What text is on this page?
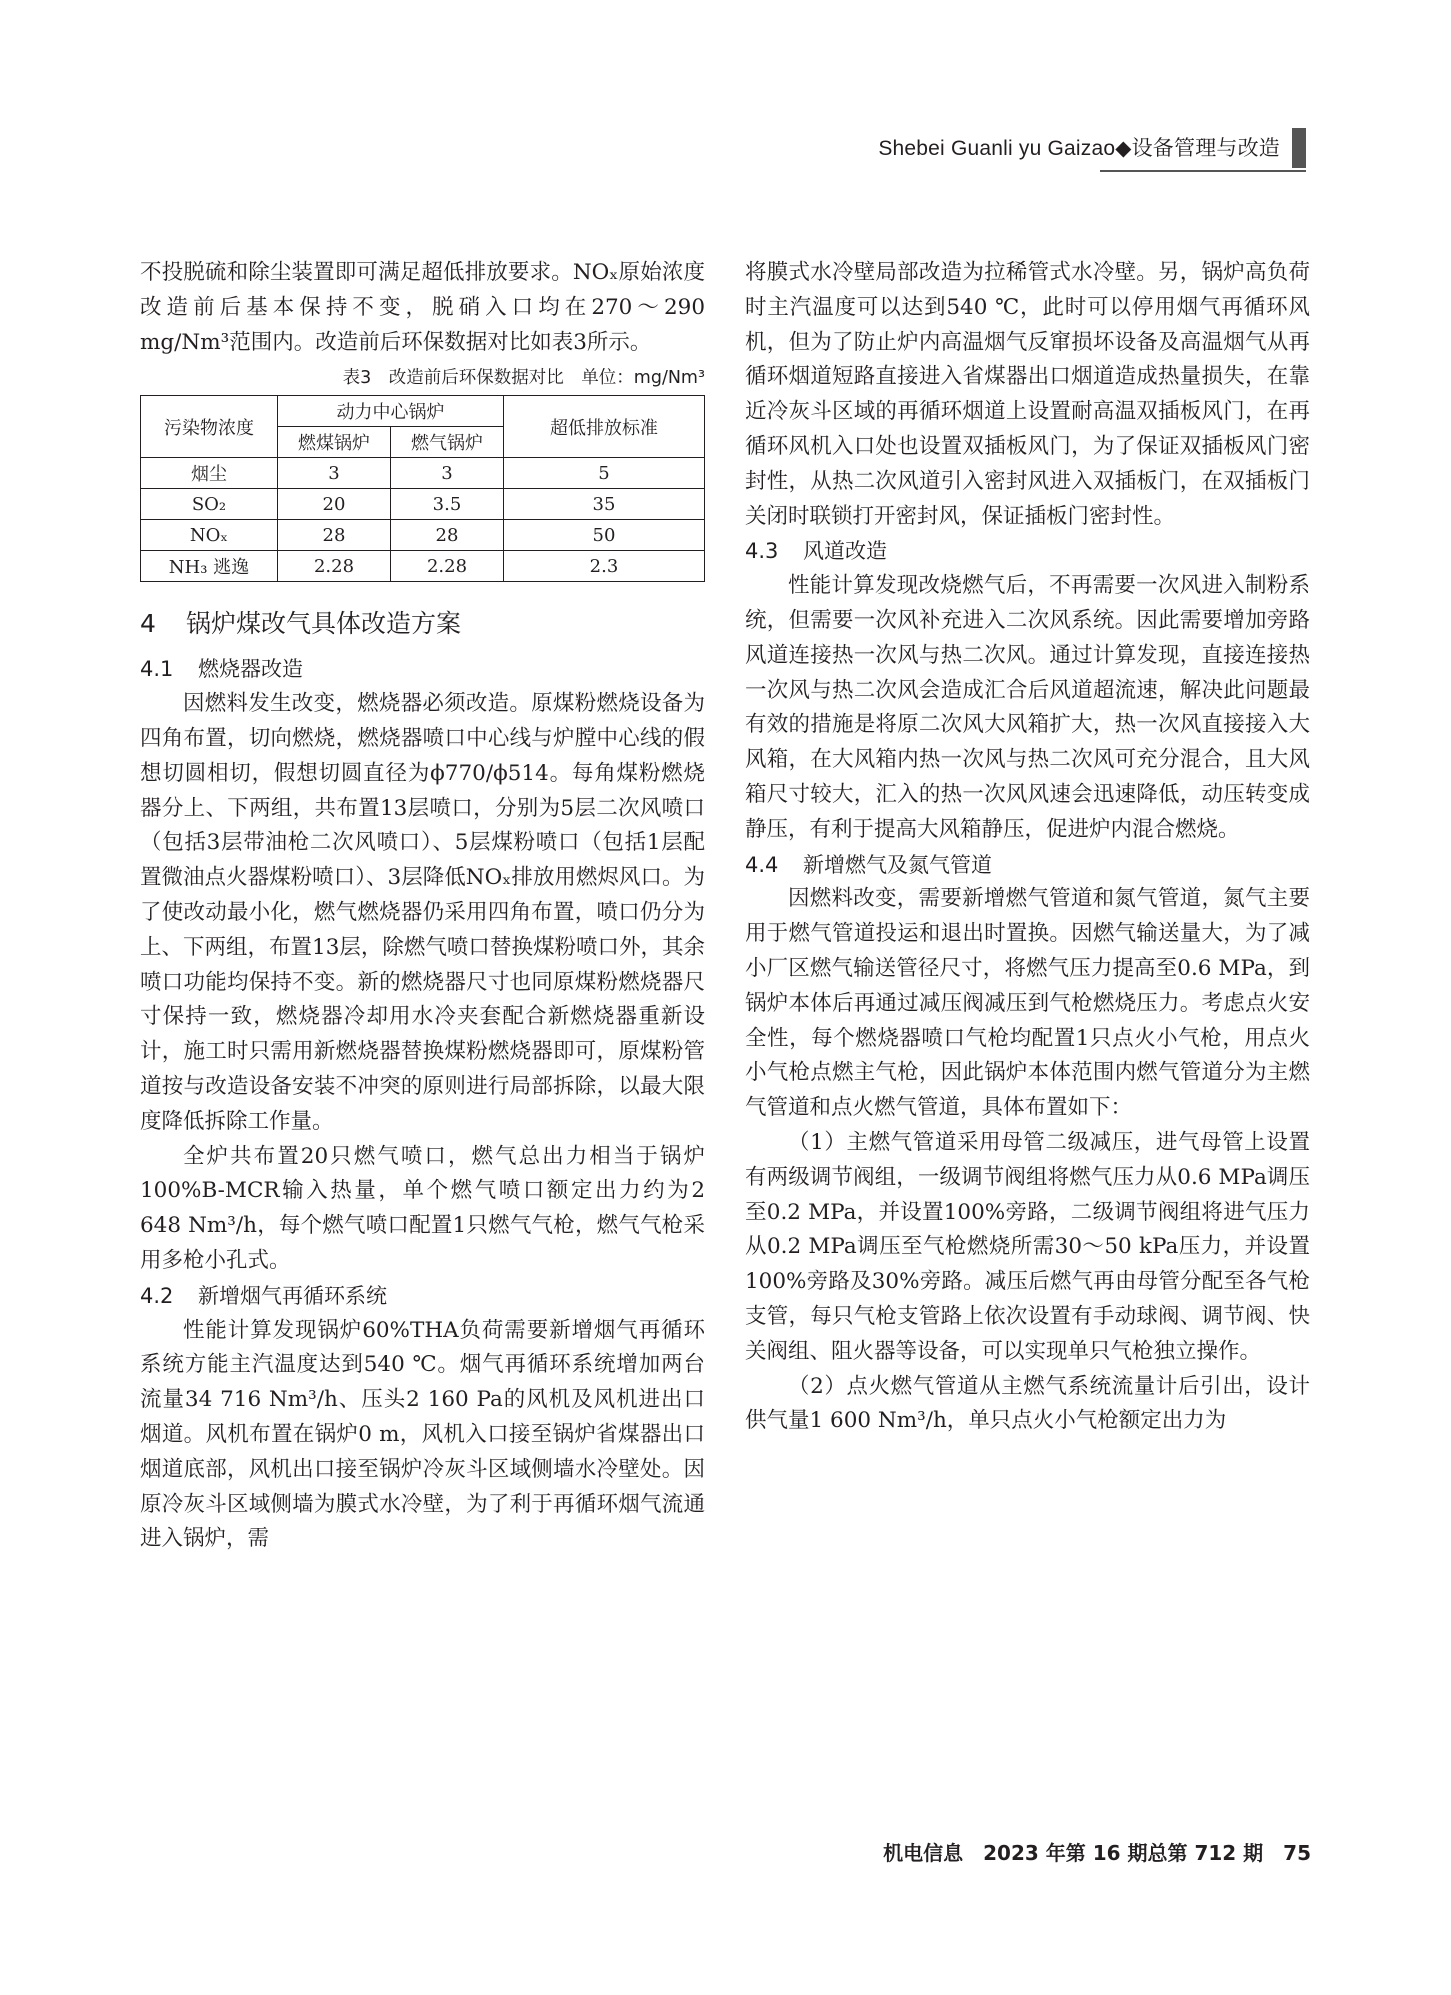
Shebei Guanli yu Gaizao◆设备管理与改造

不投脱硫和除尘装置即可满足超低排放要求。NOₓ原始浓度改造前后基本保持不变，脱硝入口均在270～290 mg/Nm³范围内。改造前后环保数据对比如表3所示。

表3　改造前后环保数据对比　单位：mg/Nm³
污染物浓度	动力中心锅炉		超低排放标准
	燃煤锅炉	燃气锅炉	
烟尘	3	3	5
SO₂	20	3.5	35
NOₓ	28	28	50
NH₃ 逃逸	2.28	2.28	2.3
4 锅炉煤改气具体改造方案
4.1 燃烧器改造

因燃料发生改变，燃烧器必须改造。原煤粉燃烧设备为四角布置，切向燃烧，燃烧器喷口中心线与炉膛中心线的假想切圆相切，假想切圆直径为ϕ770/ϕ514。每角煤粉燃烧器分上、下两组，共布置13层喷口，分别为5层二次风喷口（包括3层带油枪二次风喷口）、5层煤粉喷口（包括1层配置微油点火器煤粉喷口）、3层降低NOₓ排放用燃烬风口。为了使改动最小化，燃气燃烧器仍采用四角布置，喷口仍分为上、下两组，布置13层，除燃气喷口替换煤粉喷口外，其余喷口功能均保持不变。新的燃烧器尺寸也同原煤粉燃烧器尺寸保持一致，燃烧器冷却用水冷夹套配合新燃烧器重新设计，施工时只需用新燃烧器替换煤粉燃烧器即可，原煤粉管道按与改造设备安装不冲突的原则进行局部拆除，以最大限度降低拆除工作量。

全炉共布置20只燃气喷口，燃气总出力相当于锅炉100%B-MCR输入热量，单个燃气喷口额定出力约为2 648 Nm³/h，每个燃气喷口配置1只燃气气枪，燃气气枪采用多枪小孔式。

4.2 新增烟气再循环系统

性能计算发现锅炉60%THA负荷需要新增烟气再循环系统方能主汽温度达到540 ℃。烟气再循环系统增加两台流量34 716 Nm³/h、压头2 160 Pa的风机及风机进出口烟道。风机布置在锅炉0 m，风机入口接至锅炉省煤器出口烟道底部，风机出口接至锅炉冷灰斗区域侧墙水冷壁处。因原冷灰斗区域侧墙为膜式水冷壁，为了利于再循环烟气流通进入锅炉，需

将膜式水冷壁局部改造为拉稀管式水冷壁。另，锅炉高负荷时主汽温度可以达到540 ℃，此时可以停用烟气再循环风机，但为了防止炉内高温烟气反窜损坏设备及高温烟气从再循环烟道短路直接进入省煤器出口烟道造成热量损失，在靠近冷灰斗区域的再循环烟道上设置耐高温双插板风门，在再循环风机入口处也设置双插板风门，为了保证双插板风门密封性，从热二次风道引入密封风进入双插板门，在双插板门关闭时联锁打开密封风，保证插板门密封性。

4.3 风道改造

性能计算发现改烧燃气后，不再需要一次风进入制粉系统，但需要一次风补充进入二次风系统。因此需要增加旁路风道连接热一次风与热二次风。通过计算发现，直接连接热一次风与热二次风会造成汇合后风道超流速，解决此问题最有效的措施是将原二次风大风箱扩大，热一次风直接接入大风箱，在大风箱内热一次风与热二次风可充分混合，且大风箱尺寸较大，汇入的热一次风风速会迅速降低，动压转变成静压，有利于提高大风箱静压，促进炉内混合燃烧。

4.4 新增燃气及氮气管道

因燃料改变，需要新增燃气管道和氮气管道，氮气主要用于燃气管道投运和退出时置换。因燃气输送量大，为了减小厂区燃气输送管径尺寸，将燃气压力提高至0.6 MPa，到锅炉本体后再通过减压阀减压到气枪燃烧压力。考虑点火安全性，每个燃烧器喷口气枪均配置1只点火小气枪，用点火小气枪点燃主气枪，因此锅炉本体范围内燃气管道分为主燃气管道和点火燃气管道，具体布置如下：

（1）主燃气管道采用母管二级减压，进气母管上设置有两级调节阀组，一级调节阀组将燃气压力从0.6 MPa调压至0.2 MPa，并设置100%旁路，二级调节阀组将进气压力从0.2 MPa调压至气枪燃烧所需30～50 kPa压力，并设置100%旁路及30%旁路。减压后燃气再由母管分配至各气枪支管，每只气枪支管路上依次设置有手动球阀、调节阀、快关阀组、阻火器等设备，可以实现单只气枪独立操作。

（2）点火燃气管道从主燃气系统流量计后引出，设计供气量1 600 Nm³/h，单只点火小气枪额定出力为

机电信息　2023 年第 16 期总第 712 期　75
